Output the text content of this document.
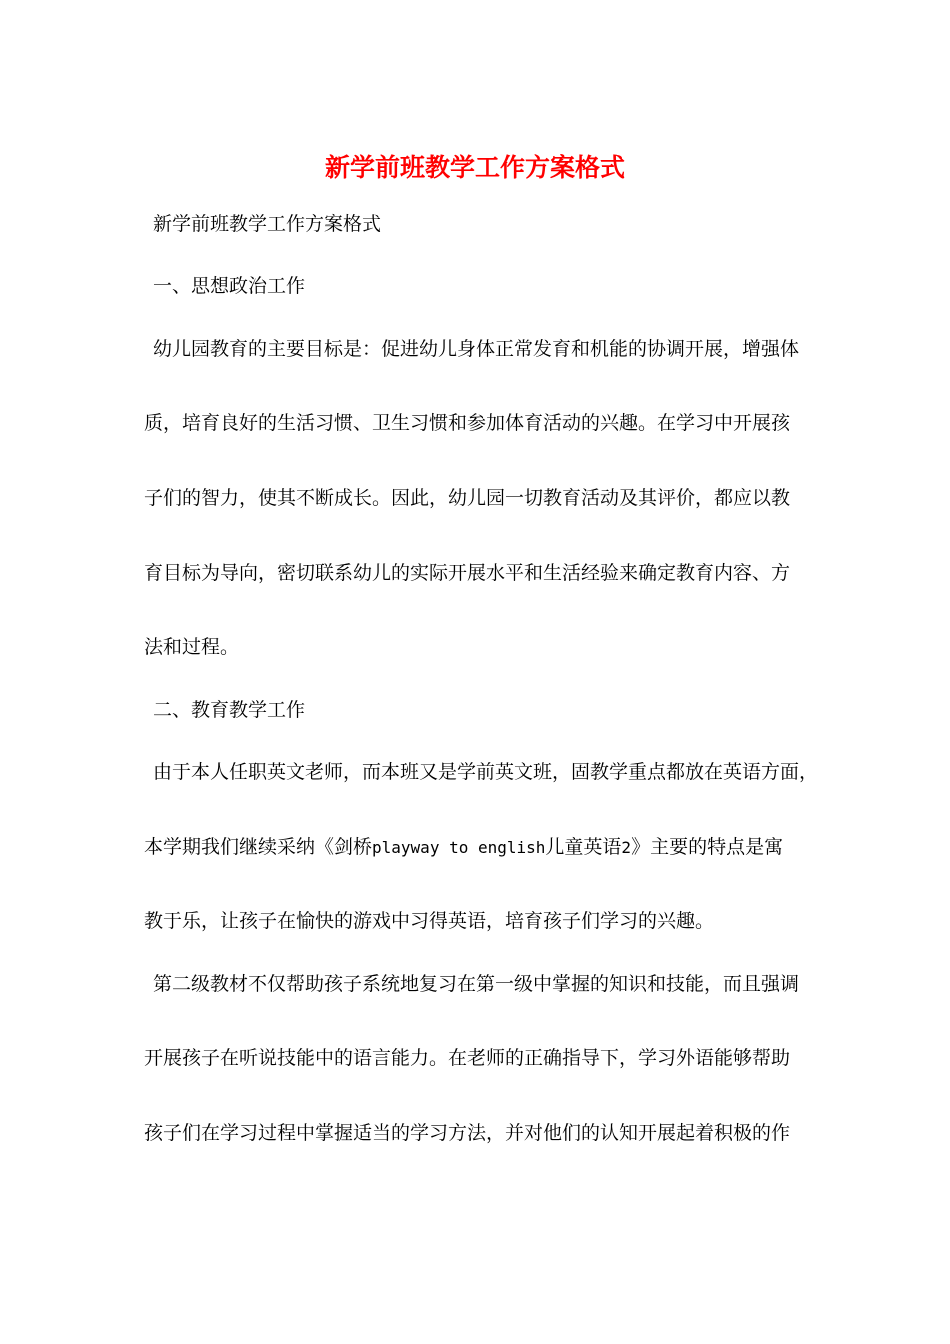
新学前班教学工作方案格式
新学前班教学工作方案格式
一、思想政治工作
幼儿园教育的主要目标是：促进幼儿身体正常发育和机能的协调开展，增强体
质，培育良好的生活习惯、卫生习惯和参加体育活动的兴趣。在学习中开展孩
子们的智力，使其不断成长。因此，幼儿园一切教育活动及其评价，都应以教
育目标为导向，密切联系幼儿的实际开展水平和生活经验来确定教育内容、方
法和过程。
二、教育教学工作
由于本人任职英文老师，而本班又是学前英文班，固教学重点都放在英语方面，
本学期我们继续采纳《剑桥playway to english儿童英语2》主要的特点是寓
教于乐，让孩子在愉快的游戏中习得英语，培育孩子们学习的兴趣。
第二级教材不仅帮助孩子系统地复习在第一级中掌握的知识和技能，而且强调
开展孩子在听说技能中的语言能力。在老师的正确指导下，学习外语能够帮助
孩子们在学习过程中掌握适当的学习方法，并对他们的认知开展起着积极的作
